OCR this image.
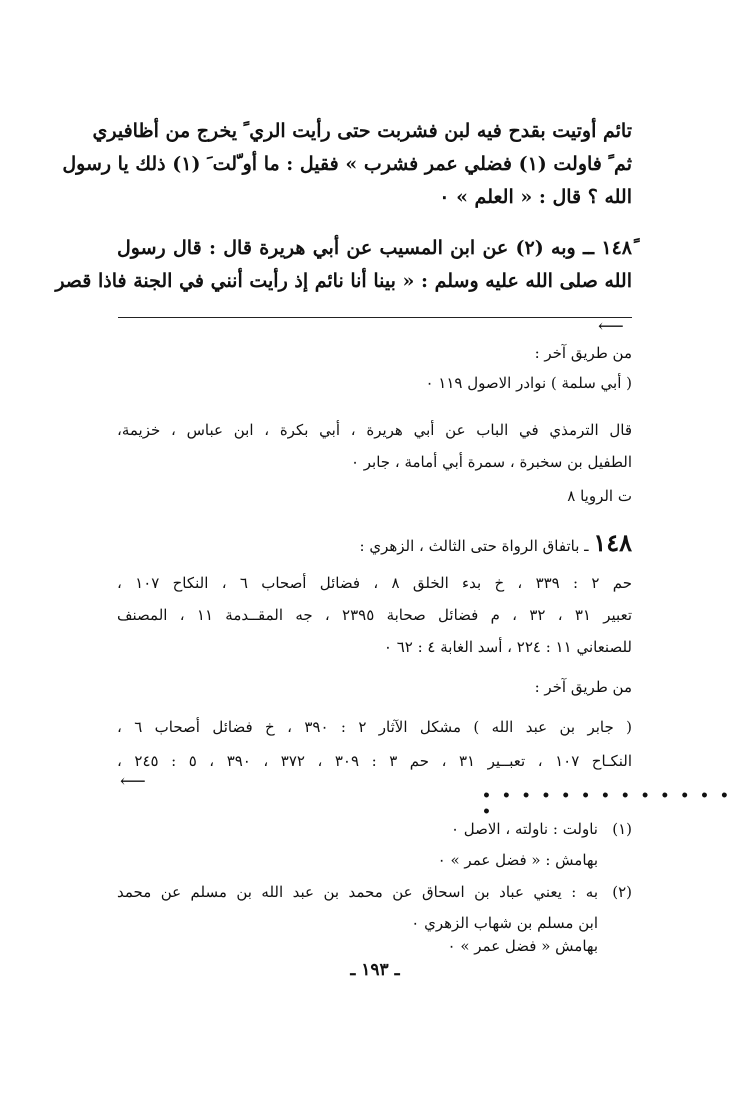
تائم أوتيت بقدح فيه لبن فشربت حتى رأيت الري ً يخرج من أظافيري
ثم ً فاولت (١) فضلي عمر فشرب » فقيل : ما أو ّلت َ (١) ذلك يا رسول
الله ؟ قال : « العلم » ٠
١٤٨ً ــ وبه (٢) عن ابن المسيب عن أبي هريرة قال : قال رسول
الله صلى الله عليه وسلم : « بينا أنا نائم إذ رأيت أنني في الجنة فاذا قصر
⟵
من طريق آخر :
( أبي سلمة ) نوادر الاصول ١١٩ ٠
قال الترمذي في الباب عن أبي هريرة ، أبي بكرة ، ابن عباس ، خزيمة،
الطفيل بن سخبرة ، سمرة أبي أمامة ، جابر ٠
ت الرويا ٨
١٤٨ ـ باتفاق الرواة حتى الثالث ، الزهري :
حم ٢ : ٣٣٩ ، خ بدء الخلق ٨ ، فضائل أصحاب ٦ ، النكاح ١٠٧ ،
تعبير ٣١ ، ٣٢ ، م فضائل صحابة ٢٣٩٥ ، جه المقــدمة ١١ ، المصنف
للصنعاني ١١ : ٢٢٤ ، أسد الغابة ٤ : ٦٢ ٠
من طريق آخر :
( جابر بن عبد الله ) مشكل الآثار ٢ : ٣٩٠ ، خ فضائل أصحاب ٦ ،
النكـاح ١٠٧ ، تعبــير ٣١ ، حم ٣ : ٣٠٩ ، ٣٧٢ ، ٣٩٠ ، ٥ : ٢٤٥ ،
⟵
• • • • • • • • • • • • • •
(١)
ناولت : ناولته ، الاصل ٠
بهامش : « فضل عمر » ٠
(٢)
به : يعني عباد بن اسحاق عن محمد بن عبد الله بن مسلم عن محمد
ابن مسلم بن شهاب الزهري ٠
بهامش « فضل عمر » ٠
ـ ١٩٣ ـ
